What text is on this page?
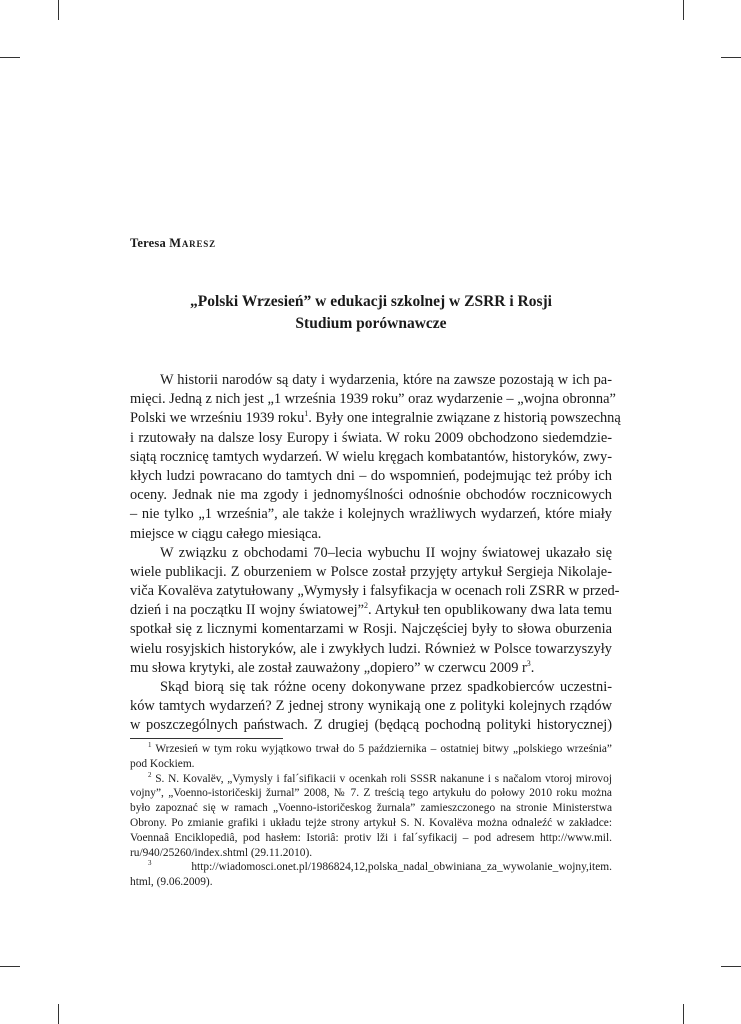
Teresa Maresz
„Polski Wrzesień” w edukacji szkolnej w ZSRR i Rosji
Studium porównawcze
W historii narodów są daty i wydarzenia, które na zawsze pozostają w ich pa-
mięci. Jedną z nich jest „1 września 1939 roku” oraz wydarzenie – „wojna obronna”
Polski we wrześniu 1939 roku$^1$. Były one integralnie związane z historią powszechną
i rzutowały na dalsze losy Europy i świata. W roku 2009 obchodzono siedemdzie-
siątą rocznicę tamtych wydarzeń. W wielu kręgach kombatantów, historyków, zwy-
kłych ludzi powracano do tamtych dni – do wspomnień, podejmując też próby ich
oceny. Jednak nie ma zgody i jednomyślności odnośnie obchodów rocznicowych
– nie tylko „1 września”, ale także i kolejnych wrażliwych wydarzeń, które miały
miejsce w ciągu całego miesiąca.
W związku z obchodami 70–lecia wybuchu II wojny światowej ukazało się
wiele publikacji. Z oburzeniem w Polsce został przyjęty artykuł Sergieja Nikolaje-
viča Kovalëva zatytułowany „Wymysły i falsyfikacja w ocenach roli ZSRR w przed-
dzień i na początku II wojny światowej”$^2$. Artykuł ten opublikowany dwa lata temu
spotkał się z licznymi komentarzami w Rosji. Najczęściej były to słowa oburzenia
wielu rosyjskich historyków, ale i zwykłych ludzi. Również w Polsce towarzyszyły
mu słowa krytyki, ale został zauważony „dopiero” w czerwcu 2009 $r^3$.
Skąd biorą się tak różne oceny dokonywane przez spadkobierców uczestni-
ków tamtych wydarzeń? Z jednej strony wynikają one z polityki kolejnych rządów
w poszczególnych państwach. Z drugiej (będącą pochodną polityki historycznej)
$^1$ Wrzesień w tym roku wyjątkowo trwał do 5 października – ostatniej bitwy „polskiego września”
pod Kockiem.
$^2$ S. N. Kovalëv, „Vymysly i fal´sifikacii v ocenkah roli SSSR nakanune i s načalom vtoroj mirovoj
vojny”, „Voenno-istoričeskij žurnal” 2008, № 7. Z treścią tego artykułu do połowy 2010 roku można
było zapoznać się w ramach „Voenno-istoričeskog žurnala” zamieszczonego na stronie Ministerstwa
Obrony. Po zmianie grafiki i układu tejże strony artykuł S. N. Kovalëva można odnaleźć w zakładce:
Voennaâ Enciklopediâ, pod hasłem: Istoriâ: protiv lži i fal´syfikacij – pod adresem http://www.mil.
ru/940/25260/index.shtml (29.11.2010).
$^3$	http://wiadomosci.onet.pl/1986824,12,polska_nadal_obwiniana_za_wywolanie_wojny,item.
html, (9.06.2009).
